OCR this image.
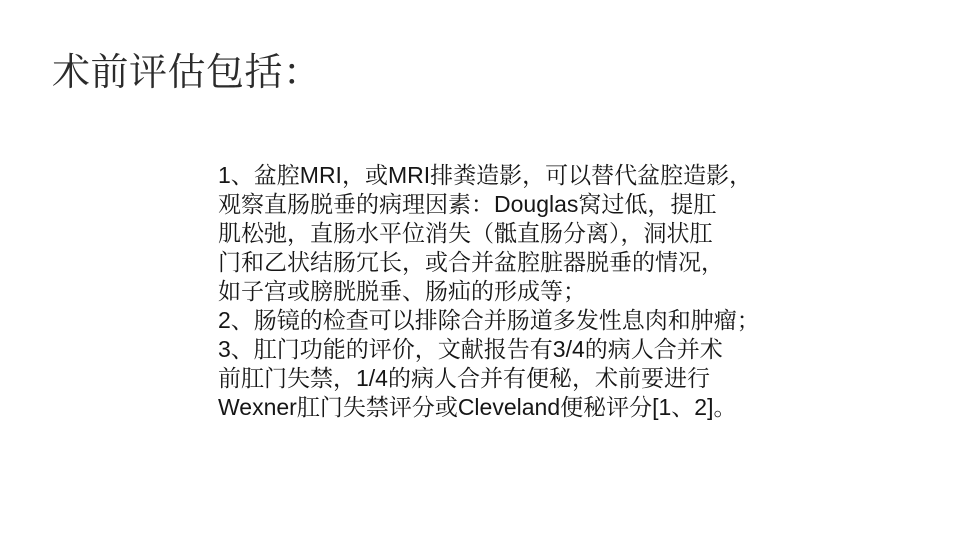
术前评估包括：
1、盆腔MRI，或MRI排粪造影，可以替代盆腔造影，
观察直肠脱垂的病理因素：Douglas窝过低，提肛
肌松弛，直肠水平位消失（骶直肠分离），洞状肛
门和乙状结肠冗长，或合并盆腔脏器脱垂的情况，
如子宫或膀胱脱垂、肠疝的形成等；
2、肠镜的检查可以排除合并肠道多发性息肉和肿瘤；
3、肛门功能的评价，文献报告有3/4的病人合并术
前肛门失禁，1/4的病人合并有便秘，术前要进行
Wexner肛门失禁评分或Cleveland便秘评分[1、2]。
